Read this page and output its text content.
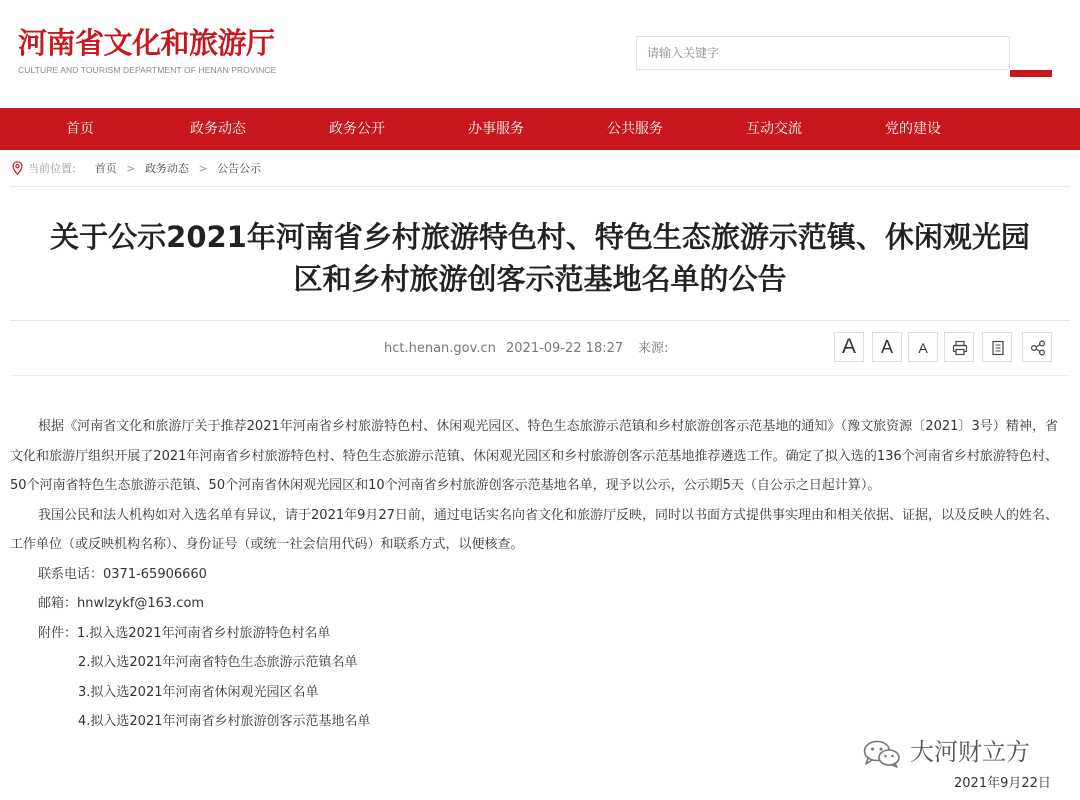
河南省文化和旅游厅
CULTURE AND TOURISM DEPARTMENT OF HENAN PROVINCE
请输入关键字
首页	政务动态	政务公开	办事服务	公共服务	互动交流	党的建设
当前位置: 首页 > 政务动态 > 公告公示
关于公示2021年河南省乡村旅游特色村、特色生态旅游示范镇、休闲观光园
区和乡村旅游创客示范基地名单的公告
hct.henan.gov.cn 2021-09-22 18:27 来源:	A	A	A

根据《河南省文化和旅游厅关于推荐2021年河南省乡村旅游特色村、休闲观光园区、特色生态旅游示范镇和乡村旅游创客示范基地的通知》（豫文旅资源〔2021〕3号）精神，省文化和旅游厅组织开展了2021年河南省乡村旅游特色村、特色生态旅游示范镇、休闲观光园区和乡村旅游创客示范基地推荐遴选工作。确定了拟入选的136个河南省乡村旅游特色村、50个河南省特色生态旅游示范镇、50个河南省休闲观光园区和10个河南省乡村旅游创客示范基地名单，现予以公示，公示期5天（自公示之日起计算）。

我国公民和法人机构如对入选名单有异议，请于2021年9月27日前，通过电话实名向省文化和旅游厅反映，同时以书面方式提供事实理由和相关依据、证据，以及反映人的姓名、工作单位（或反映机构名称）、身份证号（或统一社会信用代码）和联系方式，以便核查。

联系电话：0371-65906660

邮箱：hnwlzykf@163.com

附件：1.拟入选2021年河南省乡村旅游特色村名单

2.拟入选2021年河南省特色生态旅游示范镇名单

3.拟入选2021年河南省休闲观光园区名单

4.拟入选2021年河南省乡村旅游创客示范基地名单

大河财立方
2021年9月22日
